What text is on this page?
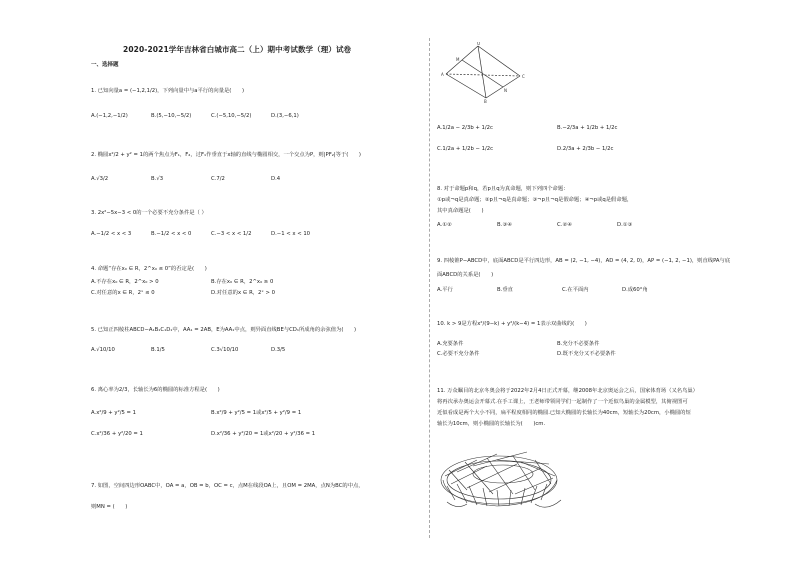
2020-2021学年吉林省白城市高二（上）期中考试数学（理）试卷
一、选择题
1. 已知向量a = (−1,2,1/2)，下列向量中与a平行的向量是(　　)
A.(−1,2,−1/2)	B.(5,−10,−5/2)	C.(−5,10,−5/2)	D.(3,−6,1)
2. 椭圆x²/2 + y² = 1的两个焦点为F₁，F₂，过F₁作垂直于x轴的直线与椭圆相交，一个交点为P，则|PF₂|等于(　　)
A.√3/2	B.√3	C.7/2	D.4
3. 2x²−5x−3 < 0的一个必要不充分条件是（ ）
A.−1/2 < x < 3	B.−1/2 < x < 0	C.−3 < x < 1/2	D.−1 < x < 10
4. 命题“存在x₀ ∈ R，2^x₀ ≤ 0”的否定是(　　)
A.不存在x₀ ∈ R，2^x₀ > 0	B.存在x₀ ∈ R，2^x₀ ≥ 0
C.对任意的x ∈ R，2ˣ ≤ 0	D.对任意的x ∈ R，2ˣ > 0
5. 已知正四棱柱ABCD−A₁B₁C₁D₁中，AA₁ = 2AB，E为AA₁中点，则异面直线BE与CD₁所成角的余弦值为(　　)
A.√10/10	B.1/5	C.3√10/10	D.3/5
6. 离心率为2/3，长轴长为6的椭圆的标准方程是(　　)
A.x²/9 + y²/5 = 1	B.x²/9 + y²/5 = 1或x²/5 + y²/9 = 1
C.x²/36 + y²/20 = 1	D.x²/36 + y²/20 = 1或x²/20 + y²/36 = 1
7. 如图，空间四边形OABC中，OA = a，OB = b，OC = c，点M在线段OA上，且OM = 2MA，点N为BC的中点，
则MN = (　　)
O
A
B
C
M
N
A.1/2a − 2/3b + 1/2c	B.−2/3a + 1/2b + 1/2c
C.1/2a + 1/2b − 1/2c	D.2/3a + 2/3b − 1/2c
8. 对于命题p和q，若p且q为真命题，则下列四个命题：
①p或¬q是真命题；②p且¬q是真命题；③¬p且¬q是假命题；④¬p或q是假命题，
其中真命题是(　　)
A.①②	B.③④	C.②④	D.①③
9. 四棱锥P−ABCD中，底面ABCD是平行四边形，AB = (2, −1, −4)，AD = (4, 2, 0)，AP = (−1, 2, −1)，则直线PA与底
面ABCD的关系是(　　)
A.平行	B.垂直	C.在平面内	D.成60°角
10. k > 9是方程x²/(9−k) + y²/(k−4) = 1表示双曲线的(　　)
A.充要条件	B.充分不必要条件
C.必要不充分条件	D.既不充分又不必要条件
11. 万众瞩目的北京冬奥会将于2022年2月4日正式开幕，继2008年北京奥运会之后，国家体育场（又名鸟巢）
将再次承办奥运会开幕式.在手工课上，王老师带领同学们一起制作了一个近似鸟巢的金属模型，其俯视图可
近似看成是两个大小不同，扁平程度相同的椭圆.已知大椭圆的长轴长为40cm，短轴长为20cm，小椭圆的短
轴长为10cm，则小椭圆的长轴长为(　　)cm.
